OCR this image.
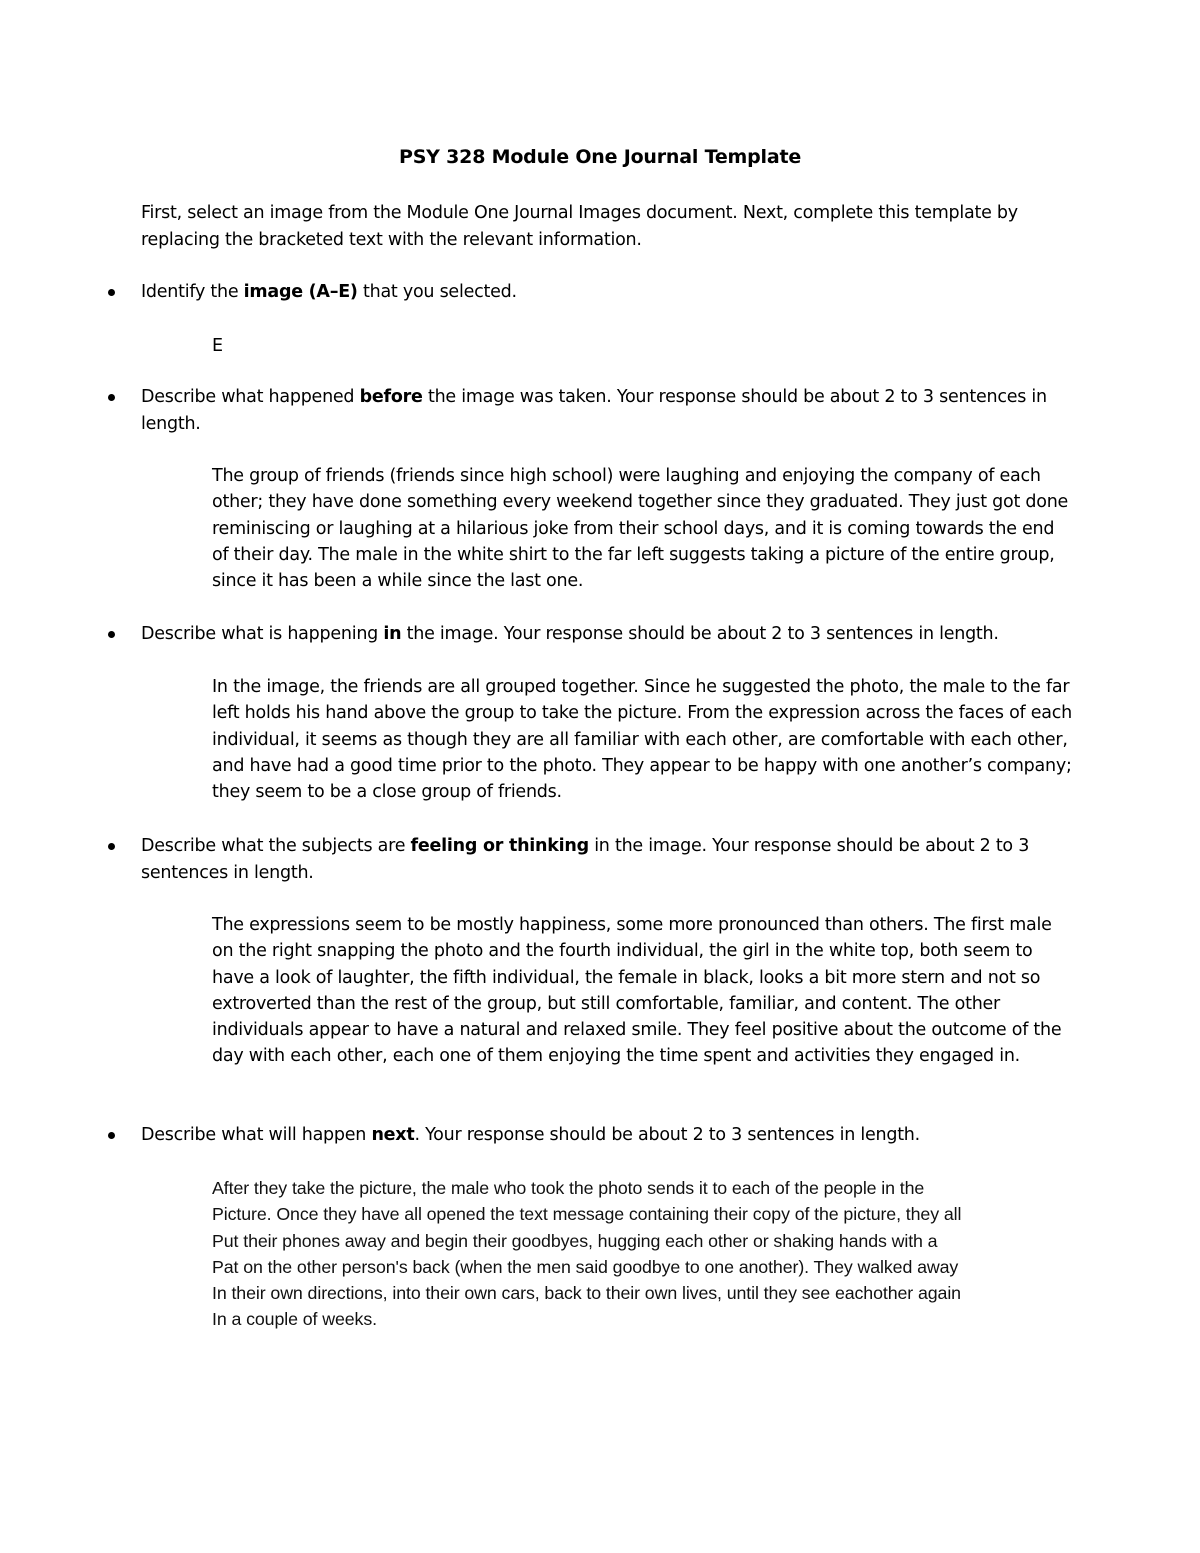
PSY 328 Module One Journal Template
First, select an image from the Module One Journal Images document. Next, complete this template by replacing the bracketed text with the relevant information.
Identify the image (A–E) that you selected.
E
Describe what happened before the image was taken. Your response should be about 2 to 3 sentences in length.
The group of friends (friends since high school) were laughing and enjoying the company of each other; they have done something every weekend together since they graduated. They just got done reminiscing or laughing at a hilarious joke from their school days, and it is coming towards the end of their day. The male in the white shirt to the far left suggests taking a picture of the entire group, since it has been a while since the last one.
Describe what is happening in the image. Your response should be about 2 to 3 sentences in length.
In the image, the friends are all grouped together. Since he suggested the photo, the male to the far left holds his hand above the group to take the picture. From the expression across the faces of each individual, it seems as though they are all familiar with each other, are comfortable with each other, and have had a good time prior to the photo. They appear to be happy with one another’s company; they seem to be a close group of friends.
Describe what the subjects are feeling or thinking in the image. Your response should be about 2 to 3 sentences in length.
The expressions seem to be mostly happiness, some more pronounced than others. The first male on the right snapping the photo and the fourth individual, the girl in the white top, both seem to have a look of laughter, the fifth individual, the female in black, looks a bit more stern and not so extroverted than the rest of the group, but still comfortable, familiar, and content. The other individuals appear to have a natural and relaxed smile. They feel positive about the outcome of the day with each other, each one of them enjoying the time spent and activities they engaged in.
Describe what will happen next. Your response should be about 2 to 3 sentences in length.
After they take the picture, the male who took the photo sends it to each of the people in the
Picture. Once they have all opened the text message containing their copy of the picture, they all
Put their phones away and begin their goodbyes, hugging each other or shaking hands with a
Pat on the other person's back (when the men said goodbye to one another). They walked away
In their own directions, into their own cars, back to their own lives, until they see eachother again
In a couple of weeks.
